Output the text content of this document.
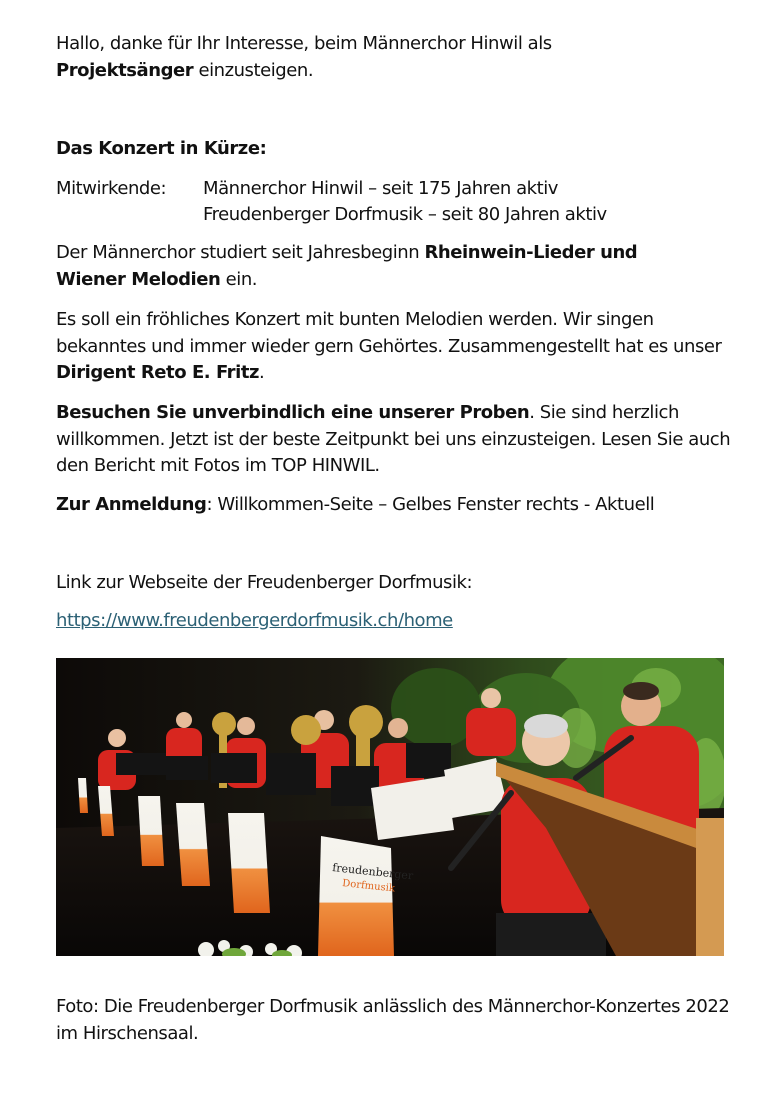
Hallo, danke für Ihr Interesse, beim Männerchor Hinwil als
Projektsänger einzusteigen.
Das Konzert in Kürze:
Mitwirkende: Männerchor Hinwil – seit 175 Jahren aktiv
Freudenberger Dorfmusik – seit 80 Jahren aktiv
Der Männerchor studiert seit Jahresbeginn Rheinwein-Lieder und Wiener Melodien ein.
Es soll ein fröhliches Konzert mit bunten Melodien werden. Wir singen bekanntes und immer wieder gern Gehörtes. Zusammengestellt hat es unser Dirigent Reto E. Fritz.
Besuchen Sie unverbindlich eine unserer Proben. Sie sind herzlich willkommen. Jetzt ist der beste Zeitpunkt bei uns einzusteigen. Lesen Sie auch den Bericht mit Fotos im TOP HINWIL.
Zur Anmeldung: Willkommen-Seite – Gelbes Fenster rechts - Aktuell
Link zur Webseite der Freudenberger Dorfmusik:
https://www.freudenbergerdorfmusik.ch/home
freudenberger
Dorfmusik
Foto: Die Freudenberger Dorfmusik anlässlich des Männerchor-Konzertes 2022 im Hirschensaal.
